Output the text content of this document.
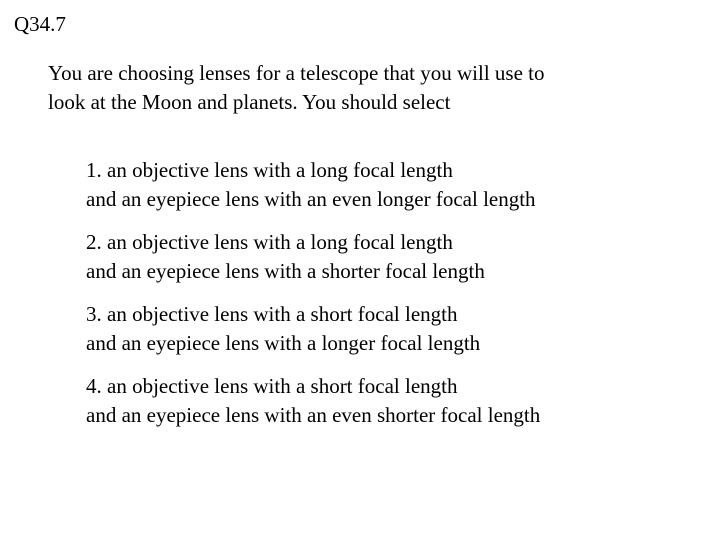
Q34.7

You are choosing lenses for a telescope that you will use to
look at the Moon and planets. You should select

1. an objective lens with a long focal length
and an eyepiece lens with an even longer focal length
2. an objective lens with a long focal length
and an eyepiece lens with a shorter focal length
3. an objective lens with a short focal length
and an eyepiece lens with a longer focal length
4. an objective lens with a short focal length
and an eyepiece lens with an even shorter focal length
